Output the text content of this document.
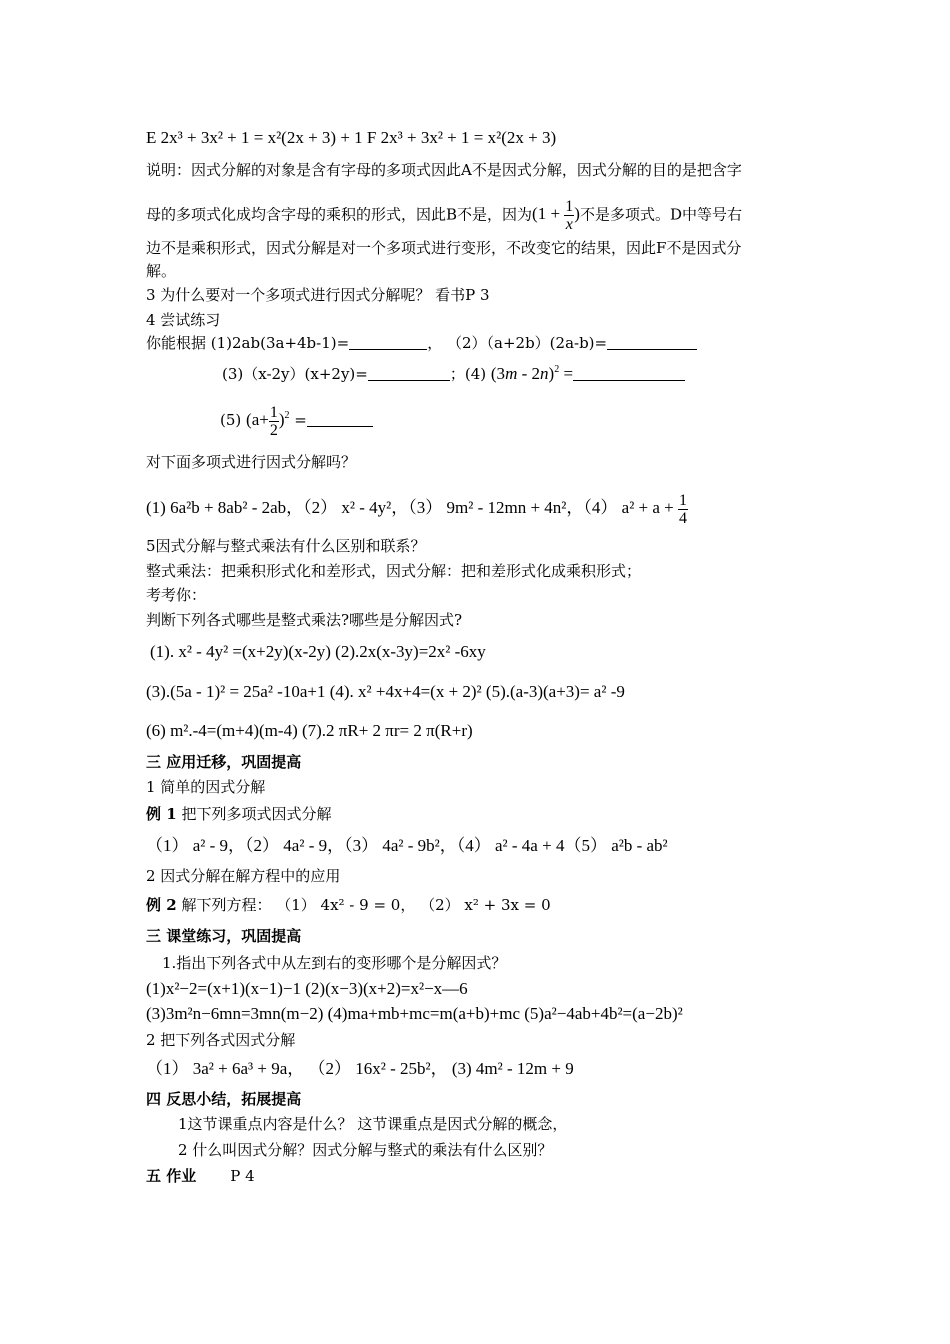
E 2x³ + 3x² + 1 = x²(2x + 3) + 1 F 2x³ + 3x² + 1 = x²(2x + 3)
说明：因式分解的对象是含有字母的多项式因此A不是因式分解，因式分解的目的是把含字
母的多项式化成均含字母的乘积的形式，因此B不是，因为($1 + \frac{1}{x}$ )不是多项式。D中等号右
边不是乘积形式，因式分解是对一个多项式进行变形，不改变它的结果，因此F不是因式分
解。
3 为什么要对一个多项式进行因式分解呢？ 看书P 3
4 尝试练习
你能根据 (1)2ab(3a+4b-1)=	， （2）（a+2b）(2a-b)=
(3)（x-2y）(x+2y)=	；(4) (3m - 2n)$^2$ =
(5) $(a+ \frac{1}{2} )^2$ =
对下面多项式进行因式分解吗？
(1) 6a²b + 8ab² - 2ab，（2） x² - 4y²，（3） 9m² - 12mn + 4n²，（4） $a^2 + a + \frac{1}{4}$
5因式分解与整式乘法有什么区别和联系？
整式乘法：把乘积形式化和差形式，因式分解：把和差形式化成乘积形式；
考考你：
判断下列各式哪些是整式乘法?哪些是分解因式?
(1). x² - 4y² =(x+2y)(x-2y) (2).2x(x-3y)=2x² -6xy
(3).(5a - 1)² = 25a² -10a+1 (4). x² +4x+4=(x + 2)² (5).(a-3)(a+3)= a² -9
(6) m².-4=(m+4)(m-4) (7).2 πR+ 2 πr= 2 π(R+r)
三 应用迁移，巩固提高
1 简单的因式分解
例 1 把下列多项式因式分解
（1） a² - 9，（2） 4a² - 9，（3） 4a² - 9b²，（4） a² - 4a + 4（5） a²b - ab²
2 因式分解在解方程中的应用
例 2 解下列方程： （1） 4x² - 9 = 0， （2） x² + 3x = 0
三 课堂练习，巩固提高
1.指出下列各式中从左到右的变形哪个是分解因式？
(1)x²−2=(x+1)(x−1)−1 (2)(x−3)(x+2)=x²−x—6
(3)3m²n−6mn=3mn(m−2) (4)ma+mb+mc=m(a+b)+mc (5)a²−4ab+4b²=(a−2b)²
2 把下列各式因式分解
（1） 3a² + 6a³ + 9a， （2） 16x² - 25b²， (3) 4m² - 12m + 9
四 反思小结，拓展提高
1这节课重点内容是什么？ 这节课重点是因式分解的概念，
2 什么叫因式分解？因式分解与整式的乘法有什么区别？
五 作业 P 4
